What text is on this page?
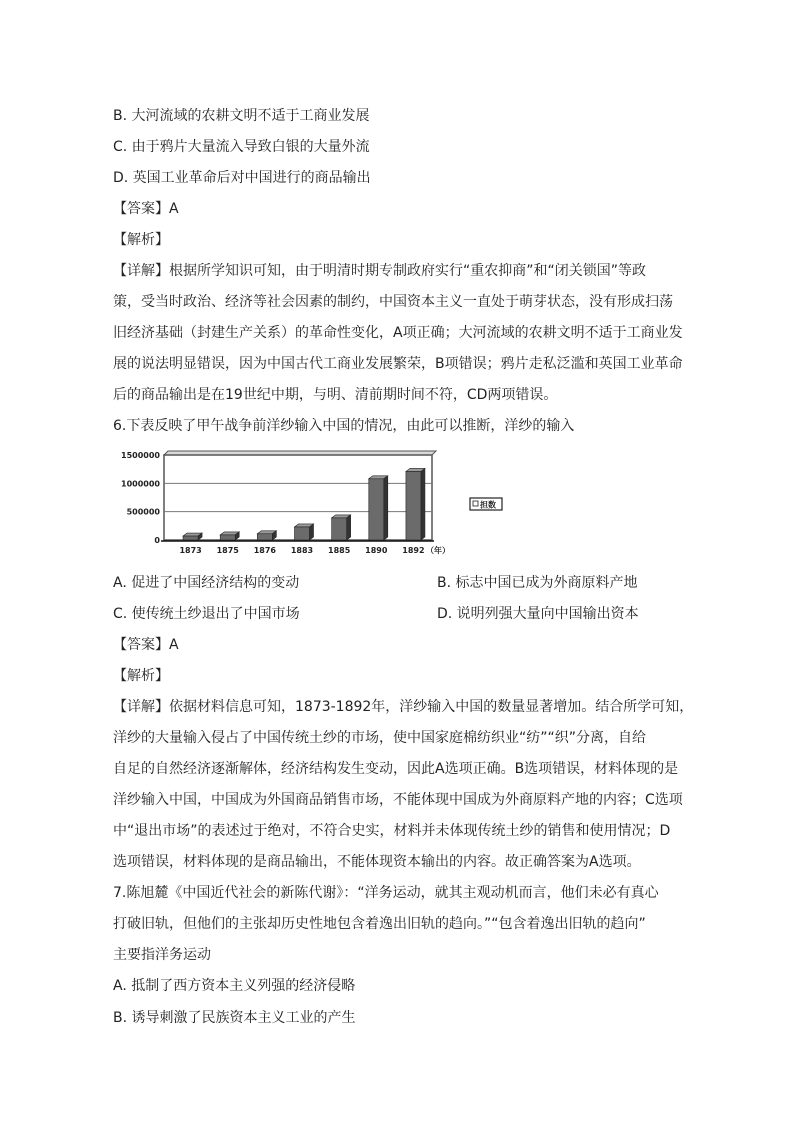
B. 大河流域的农耕文明不适于工商业发展
C. 由于鸦片大量流入导致白银的大量外流
D. 英国工业革命后对中国进行的商品输出
【答案】A
【解析】
【详解】根据所学知识可知，由于明清时期专制政府实行“重农抑商”和“闭关锁国”等政
策，受当时政治、经济等社会因素的制约，中国资本主义一直处于萌芽状态，没有形成扫荡
旧经济基础（封建生产关系）的革命性变化，A项正确；大河流域的农耕文明不适于工商业发
展的说法明显错误，因为中国古代工商业发展繁荣，B项错误；鸦片走私泛滥和英国工业革命
后的商品输出是在19世纪中期，与明、清前期时间不符，CD两项错误。
6.下表反映了甲午战争前洋纱输入中国的情况，由此可以推断，洋纱的输入
0
500000
1000000
1500000
1873 1875 1876 1883 1885 1890 1892 （年）
担数
A. 促进了中国经济结构的变动	B. 标志中国已成为外商原料产地
C. 使传统土纱退出了中国市场	D. 说明列强大量向中国输出资本
【答案】A
【解析】
【详解】依据材料信息可知，1873-1892年，洋纱输入中国的数量显著增加。结合所学可知，
洋纱的大量输入侵占了中国传统土纱的市场，使中国家庭棉纺织业“纺”“织”分离，自给
自足的自然经济逐渐解体，经济结构发生变动，因此A选项正确。B选项错误，材料体现的是
洋纱输入中国，中国成为外国商品销售市场，不能体现中国成为外商原料产地的内容；C选项
中“退出市场”的表述过于绝对，不符合史实，材料并未体现传统土纱的销售和使用情况；D
选项错误，材料体现的是商品输出，不能体现资本输出的内容。故正确答案为A选项。
7.陈旭麓《中国近代社会的新陈代谢》：“洋务运动，就其主观动机而言，他们未必有真心
打破旧轨，但他们的主张却历史性地包含着逸出旧轨的趋向。”“包含着逸出旧轨的趋向”
主要指洋务运动
A. 抵制了西方资本主义列强的经济侵略
B. 诱导刺激了民族资本主义工业的产生
